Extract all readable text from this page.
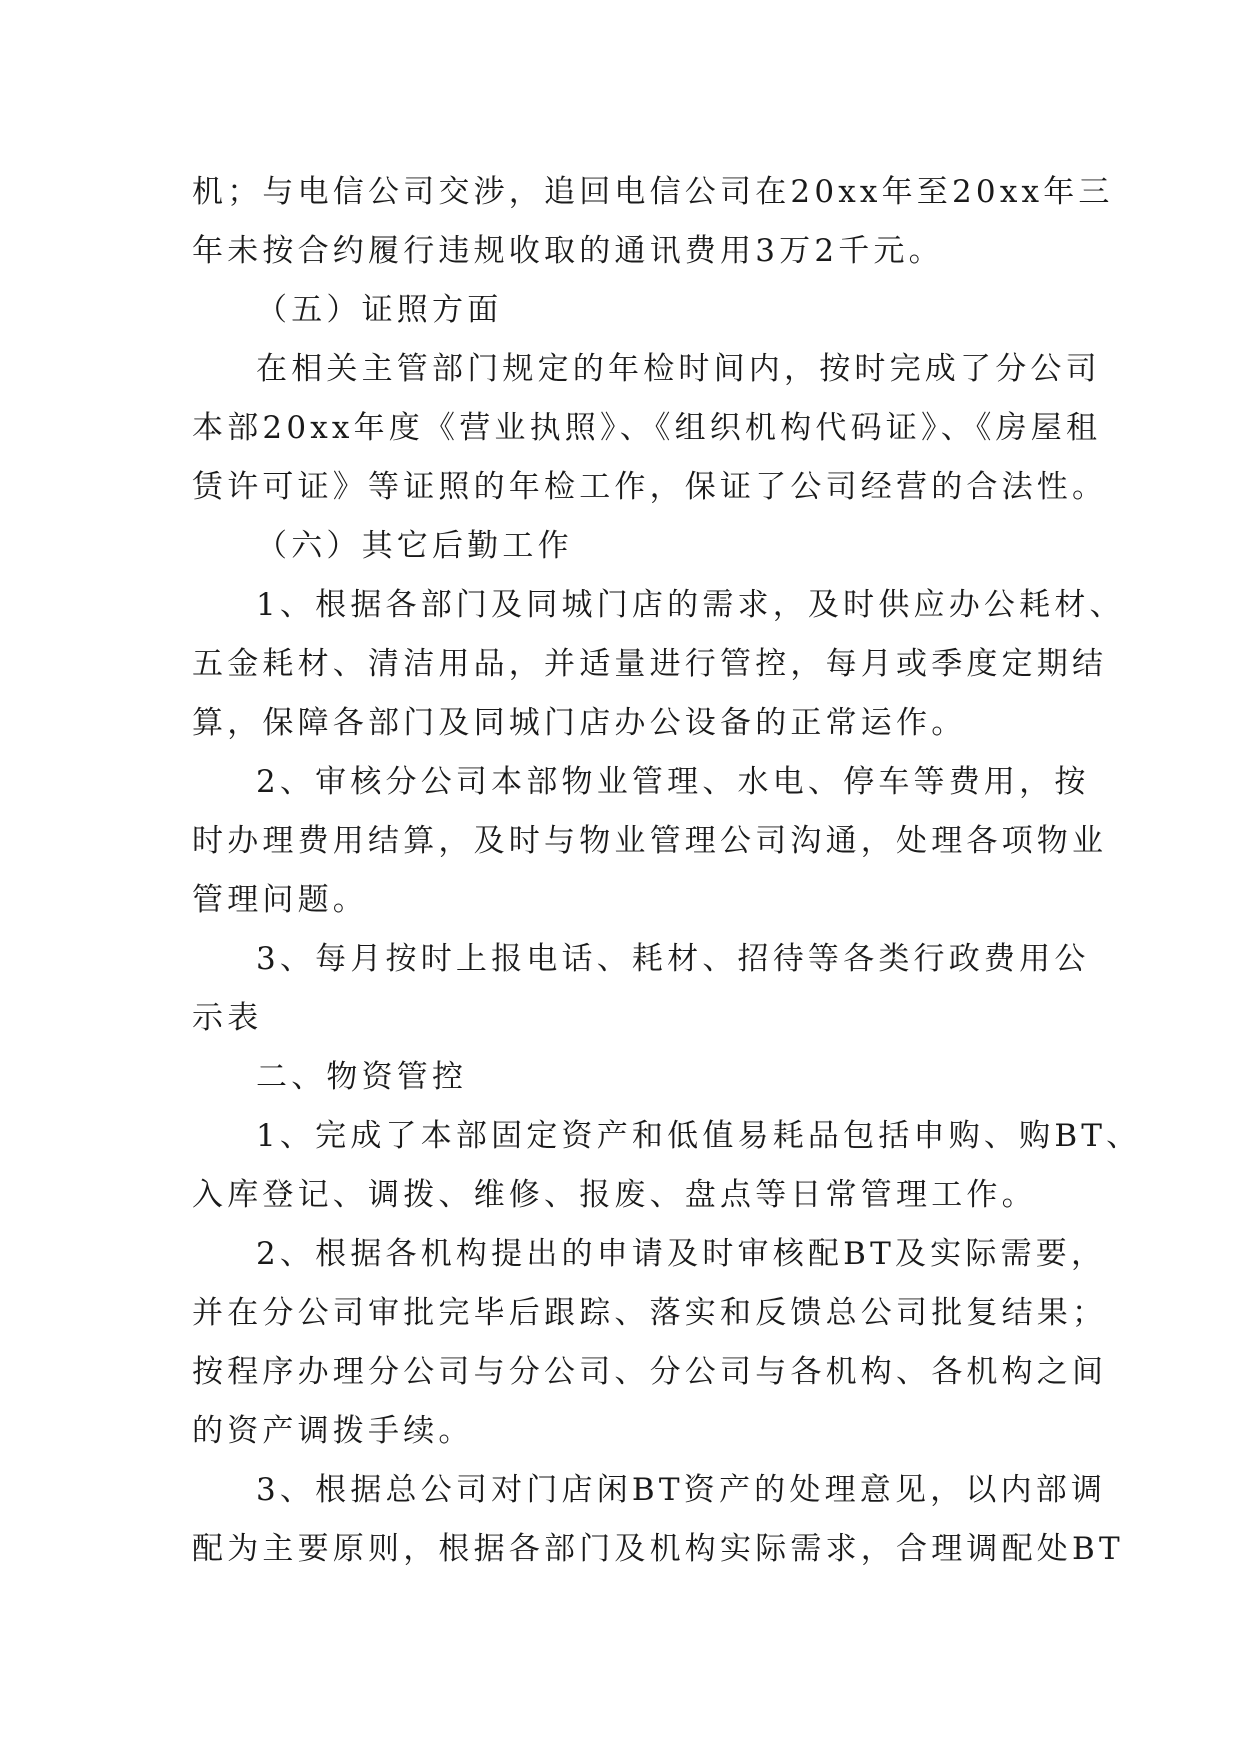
机；与电信公司交涉，追回电信公司在20xx年至20xx年三
年未按合约履行违规收取的通讯费用3万2千元。
（五）证照方面
在相关主管部门规定的年检时间内，按时完成了分公司
本部20xx年度《营业执照》、《组织机构代码证》、《房屋租
赁许可证》等证照的年检工作，保证了公司经营的合法性。
（六）其它后勤工作
1、根据各部门及同城门店的需求，及时供应办公耗材、
五金耗材、清洁用品，并适量进行管控，每月或季度定期结
算，保障各部门及同城门店办公设备的正常运作。
2、审核分公司本部物业管理、水电、停车等费用，按
时办理费用结算，及时与物业管理公司沟通，处理各项物业
管理问题。
3、每月按时上报电话、耗材、招待等各类行政费用公
示表
二、物资管控
1、完成了本部固定资产和低值易耗品包括申购、购BT、
入库登记、调拨、维修、报废、盘点等日常管理工作。
2、根据各机构提出的申请及时审核配BT及实际需要，
并在分公司审批完毕后跟踪、落实和反馈总公司批复结果；
按程序办理分公司与分公司、分公司与各机构、各机构之间
的资产调拨手续。
3、根据总公司对门店闲BT资产的处理意见，以内部调
配为主要原则，根据各部门及机构实际需求，合理调配处BT
